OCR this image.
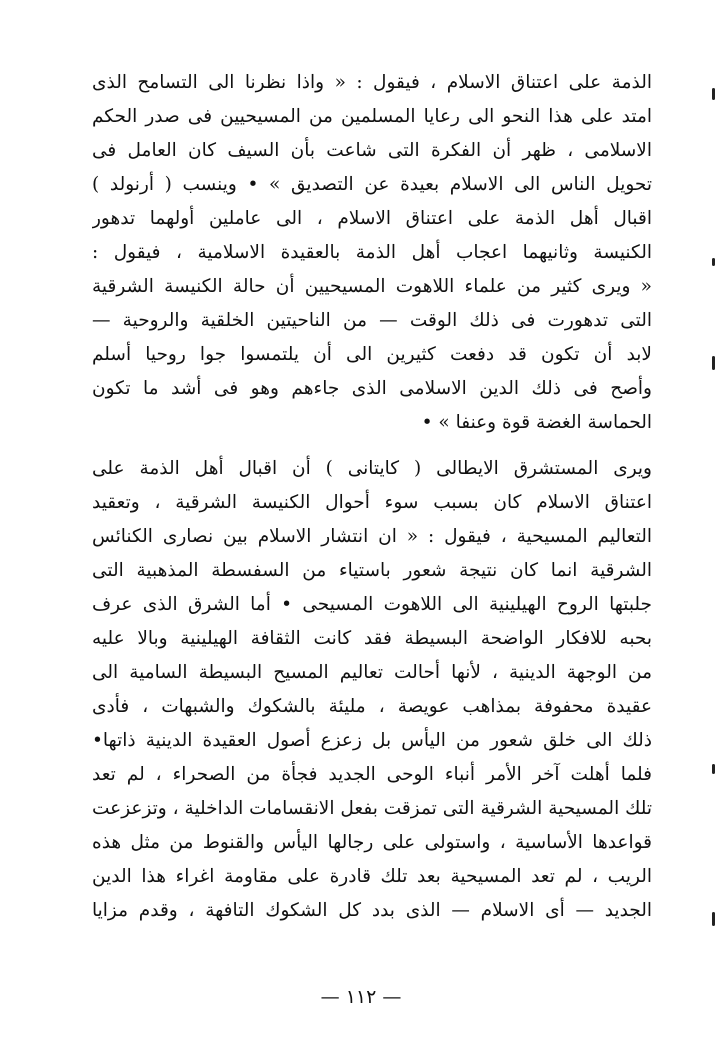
الذمة على اعتناق الاسلام ، فيقول : « واذا نظرنا الى التسامح الذى
امتد على هذا النحو الى رعايا المسلمين من المسيحيين فى صدر الحكم
الاسلامى ، ظهر أن الفكرة التى شاعت بأن السيف كان العامل فى
تحويل الناس الى الاسلام بعيدة عن التصديق » • وينسب ( أرنولد )
اقبال أهل الذمة على اعتناق الاسلام ، الى عاملين أولهما تدهور
الكنيسة وثانيهما اعجاب أهل الذمة بالعقيدة الاسلامية ، فيقول :
« ويرى كثير من علماء اللاهوت المسيحيين أن حالة الكنيسة الشرقية
التى تدهورت فى ذلك الوقت — من الناحيتين الخلقية والروحية —
لابد أن تكون قد دفعت كثيرين الى أن يلتمسوا جوا روحيا أسلم
وأصح فى ذلك الدين الاسلامى الذى جاءهم وهو فى أشد ما تكون
الحماسة الغضة قوة وعنفا » •
ويرى المستشرق الايطالى ( كايتانى ) أن اقبال أهل الذمة على
اعتناق الاسلام كان بسبب سوء أحوال الكنيسة الشرقية ، وتعقيد
التعاليم المسيحية ، فيقول : « ان انتشار الاسلام بين نصارى الكنائس
الشرقية انما كان نتيجة شعور باستياء من السفسطة المذهبية التى
جلبتها الروح الهيلينية الى اللاهوت المسيحى • أما الشرق الذى عرف
بحبه للافكار الواضحة البسيطة فقد كانت الثقافة الهيلينية وبالا عليه
من الوجهة الدينية ، لأنها أحالت تعاليم المسيح البسيطة السامية الى
عقيدة محفوفة بمذاهب عويصة ، مليئة بالشكوك والشبهات ، فأدى
ذلك الى خلق شعور من اليأس بل زعزع أصول العقيدة الدينية ذاتها•
فلما أهلت آخر الأمر أنباء الوحى الجديد فجأة من الصحراء ، لم تعد
تلك المسيحية الشرقية التى تمزقت بفعل الانقسامات الداخلية ، وتزعزعت
قواعدها الأساسية ، واستولى على رجالها اليأس والقنوط من مثل هذه
الريب ، لم تعد المسيحية بعد تلك قادرة على مقاومة اغراء هذا الدين
الجديد — أى الاسلام — الذى بدد كل الشكوك التافهة ، وقدم مزايا
— ١١٢ —
